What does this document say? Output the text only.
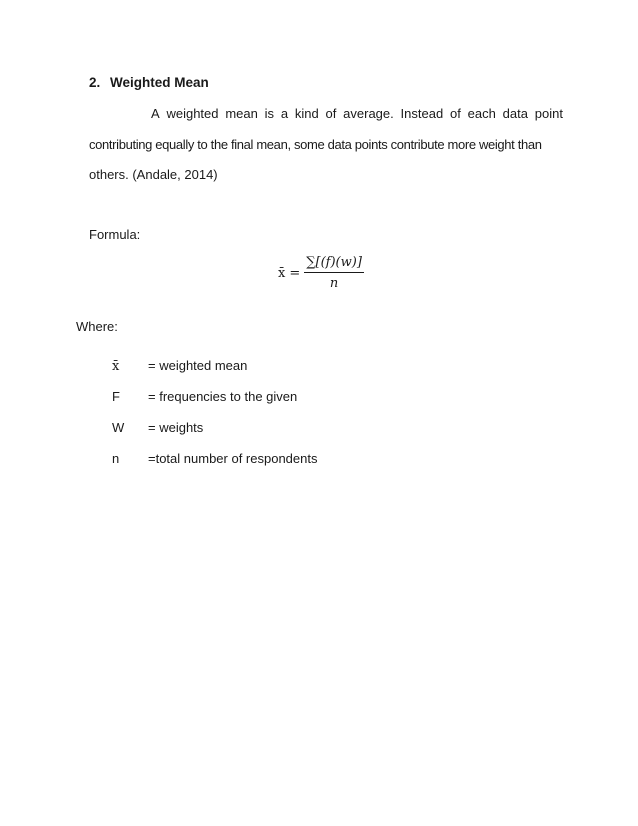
2. Weighted Mean
A weighted mean is a kind of average. Instead of each data point
contributing equally to the final mean, some data points contribute more weight than
others. (Andale, 2014)
Formula:
x̄ = $\frac{\sum[(f)(w)]}{n}$
Where:
x̄ = weighted mean
F = frequencies to the given
W = weights
n =total number of respondents
